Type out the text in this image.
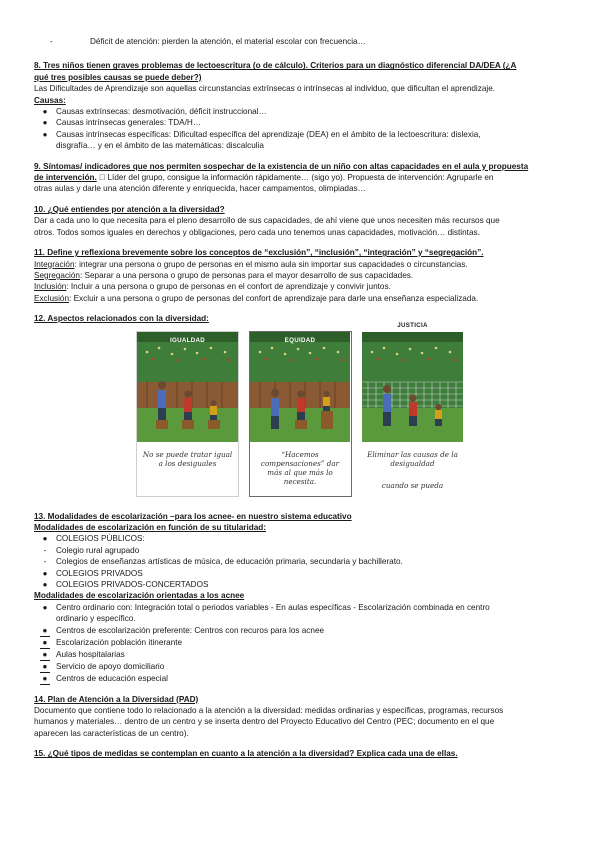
-	Déficit de atención: pierden la atención, el material escolar con frecuencia…
8. Tres niños tienen graves problemas de lectoescritura (o de cálculo). Criterios para un diagnóstico diferencial DA/DEA (¿A
qué tres posibles causas se puede deber?)
Las Dificultades de Aprendizaje son aquellas circunstancias extrínsecas o intrínsecas al individuo, que dificultan el aprendizaje.
Causas:
●	Causas extrínsecas: desmotivación, déficit instruccional…
●	Causas intrínsecas generales: TDA/H…
●	Causas intrínsecas específicas: Dificultad específica del aprendizaje (DEA) en el ámbito de la lectoescritura: dislexia,
disgrafía… y en el ámbito de las matemáticas: discalculia
9. Síntomas/ indicadores que nos permiten sospechar de la existencia de un niño con altas capacidades en el aula y propuesta
de intervención.   Líder del grupo, consigue la información rápidamente… (sigo yo). Propuesta de intervención: Agruparle en
otras aulas y darle una atención diferente y enriquecida, hacer campamentos, olimpiadas…
10. ¿Qué entiendes por atención a la diversidad?
Dar a cada uno lo que necesita para el pleno desarrollo de sus capacidades, de ahí viene que unos necesiten más recursos que
otros. Todos somos iguales en derechos y obligaciones, pero cada uno tenemos unas capacidades, motivación… distintas.
11. Define y reflexiona brevemente sobre los conceptos de “exclusión”, “inclusión”, “integración” y “segregación”.
Integración: integrar una persona o grupo de personas en el mismo aula sin importar sus capacidades o circunstancias.
Segregación: Separar a una persona o grupo de personas para el mayor desarrollo de sus capacidades.
Inclusión: Incluir a una persona o grupo de personas en el confort de aprendizaje y convivir juntos.
Exclusión: Excluir a una persona o grupo de personas del confort de aprendizaje para darle una enseñanza especializada.
12. Aspectos relacionados con la diversidad:
IGUALDAD
No se puede tratar igual a los desiguales
EQUIDAD
“Hacemos compensaciones” dar más al que más lo necesita.
JUSTICIA
Eliminar las causas de la desigualdad
cuando se pueda
13. Modalidades de escolarización –para los acnee- en nuestro sistema educativo
Modalidades de escolarización en función de su titularidad:
●	COLEGIOS PÚBLICOS:
-	Colegio rural agrupado
-	Colegios de enseñanzas artísticas de música, de educación primaria, secundaria y bachillerato.
●	COLEGIOS PRIVADOS
●	COLEGIOS PRIVADOS-CONCERTADOS
Modalidades de escolarización orientadas a los acnee
●	Centro ordinario con: Integración total o periodos variables - En aulas específicas - Escolarización combinada en centro
ordinario y específico.
●	Centros de escolarización preferente: Centros con recuros para los acnee
●	Escolarización población itinerante
●	Aulas hospitalarias
●	Servicio de apoyo domiciliario
●	Centros de educación especial
14. Plan de Atención a la Diversidad (PAD)
Documento que contiene todo lo relacionado a la atención a la diversidad: medidas ordinarias y específicas, programas, recursos
humanos y materiales… dentro de un centro y se inserta dentro del Proyecto Educativo del Centro (PEC; documento en el que
aparecen las características de un centro).
15. ¿Qué tipos de medidas se contemplan en cuanto a la atención a la diversidad? Explica cada una de ellas.
